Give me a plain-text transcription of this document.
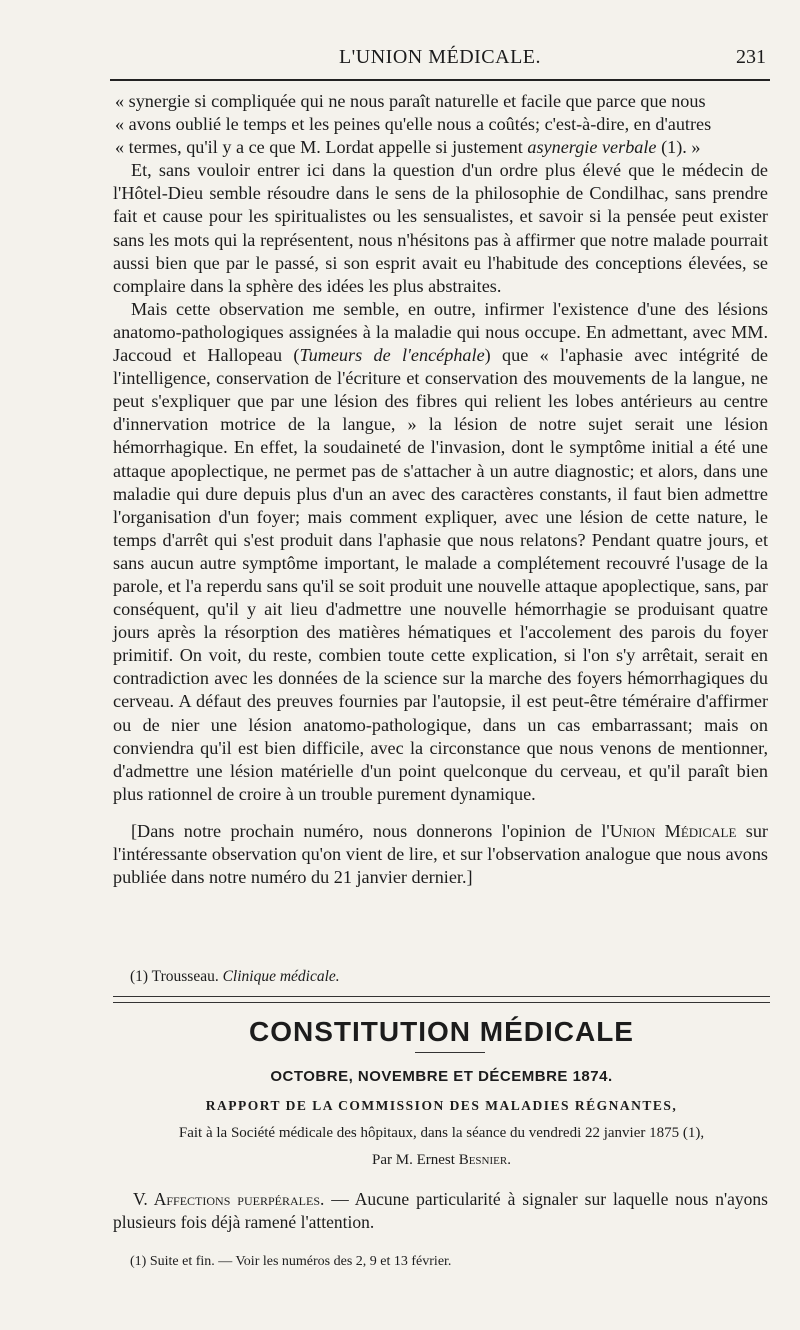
L'UNION MÉDICALE.	231

« synergie si compliquée qui ne nous paraît naturelle et facile que parce que nous

« avons oublié le temps et les peines qu'elle nous a coûtés; c'est-à-dire, en d'autres

« termes, qu'il y a ce que M. Lordat appelle si justement asynergie verbale (1). »

Et, sans vouloir entrer ici dans la question d'un ordre plus élevé que le médecin de l'Hôtel-Dieu semble résoudre dans le sens de la philosophie de Condilhac, sans prendre fait et cause pour les spiritualistes ou les sensualistes, et savoir si la pensée peut exister sans les mots qui la représentent, nous n'hésitons pas à affirmer que notre malade pourrait aussi bien que par le passé, si son esprit avait eu l'habitude des conceptions élevées, se complaire dans la sphère des idées les plus abstraites.

Mais cette observation me semble, en outre, infirmer l'existence d'une des lésions anatomo-pathologiques assignées à la maladie qui nous occupe. En admettant, avec MM. Jaccoud et Hallopeau (Tumeurs de l'encéphale) que « l'aphasie avec intégrité de l'intelligence, conservation de l'écriture et conservation des mouvements de la langue, ne peut s'expliquer que par une lésion des fibres qui relient les lobes antérieurs au centre d'innervation motrice de la langue, » la lésion de notre sujet serait une lésion hémorrhagique. En effet, la soudaineté de l'invasion, dont le symptôme initial a été une attaque apoplectique, ne permet pas de s'attacher à un autre diagnostic; et alors, dans une maladie qui dure depuis plus d'un an avec des caractères constants, il faut bien admettre l'organisation d'un foyer; mais comment expliquer, avec une lésion de cette nature, le temps d'arrêt qui s'est produit dans l'aphasie que nous relatons? Pendant quatre jours, et sans aucun autre symptôme important, le malade a complétement recouvré l'usage de la parole, et l'a reperdu sans qu'il se soit produit une nouvelle attaque apoplectique, sans, par conséquent, qu'il y ait lieu d'admettre une nouvelle hémorrhagie se produisant quatre jours après la résorption des matières hématiques et l'accolement des parois du foyer primitif. On voit, du reste, combien toute cette explication, si l'on s'y arrêtait, serait en contradiction avec les données de la science sur la marche des foyers hémorrhagiques du cerveau. A défaut des preuves fournies par l'autopsie, il est peut-être téméraire d'affirmer ou de nier une lésion anatomo-pathologique, dans un cas embarrassant; mais on conviendra qu'il est bien difficile, avec la circonstance que nous venons de mentionner, d'admettre une lésion matérielle d'un point quelconque du cerveau, et qu'il paraît bien plus rationnel de croire à un trouble purement dynamique.

[Dans notre prochain numéro, nous donnerons l'opinion de l'Union Médicale sur l'intéressante observation qu'on vient de lire, et sur l'observation analogue que nous avons publiée dans notre numéro du 21 janvier dernier.]

(1) Trousseau. Clinique médicale.
CONSTITUTION MÉDICALE
OCTOBRE, NOVEMBRE ET DÉCEMBRE 1874.
RAPPORT DE LA COMMISSION DES MALADIES RÉGNANTES,
Fait à la Société médicale des hôpitaux, dans la séance du vendredi 22 janvier 1875 (1),
Par M. Ernest Besnier.
V. Affections puerpérales. — Aucune particularité à signaler sur laquelle nous n'ayons plusieurs fois déjà ramené l'attention.
(1) Suite et fin. — Voir les numéros des 2, 9 et 13 février.
